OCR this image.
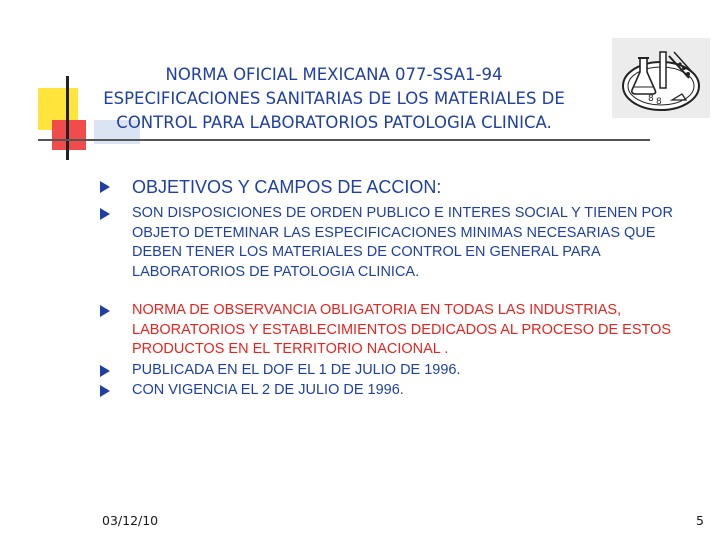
8 8
NORMA OFICIAL MEXICANA 077-SSA1-94
ESPECIFICACIONES SANITARIAS DE LOS MATERIALES DE
CONTROL PARA LABORATORIOS PATOLOGIA CLINICA.
OBJETIVOS Y CAMPOS DE ACCION:
SON DISPOSICIONES DE ORDEN PUBLICO E INTERES SOCIAL Y TIENEN POR OBJETO DETEMINAR LAS ESPECIFICACIONES MINIMAS NECESARIAS QUE DEBEN TENER LOS MATERIALES DE CONTROL EN GENERAL PARA LABORATORIOS DE PATOLOGIA CLINICA.
NORMA DE OBSERVANCIA OBLIGATORIA EN TODAS LAS INDUSTRIAS, LABORATORIOS Y ESTABLECIMIENTOS DEDICADOS AL PROCESO DE ESTOS PRODUCTOS EN EL TERRITORIO NACIONAL .
PUBLICADA EN EL DOF EL 1 DE JULIO DE 1996.
CON VIGENCIA EL 2 DE JULIO DE 1996.
03/12/10	5
